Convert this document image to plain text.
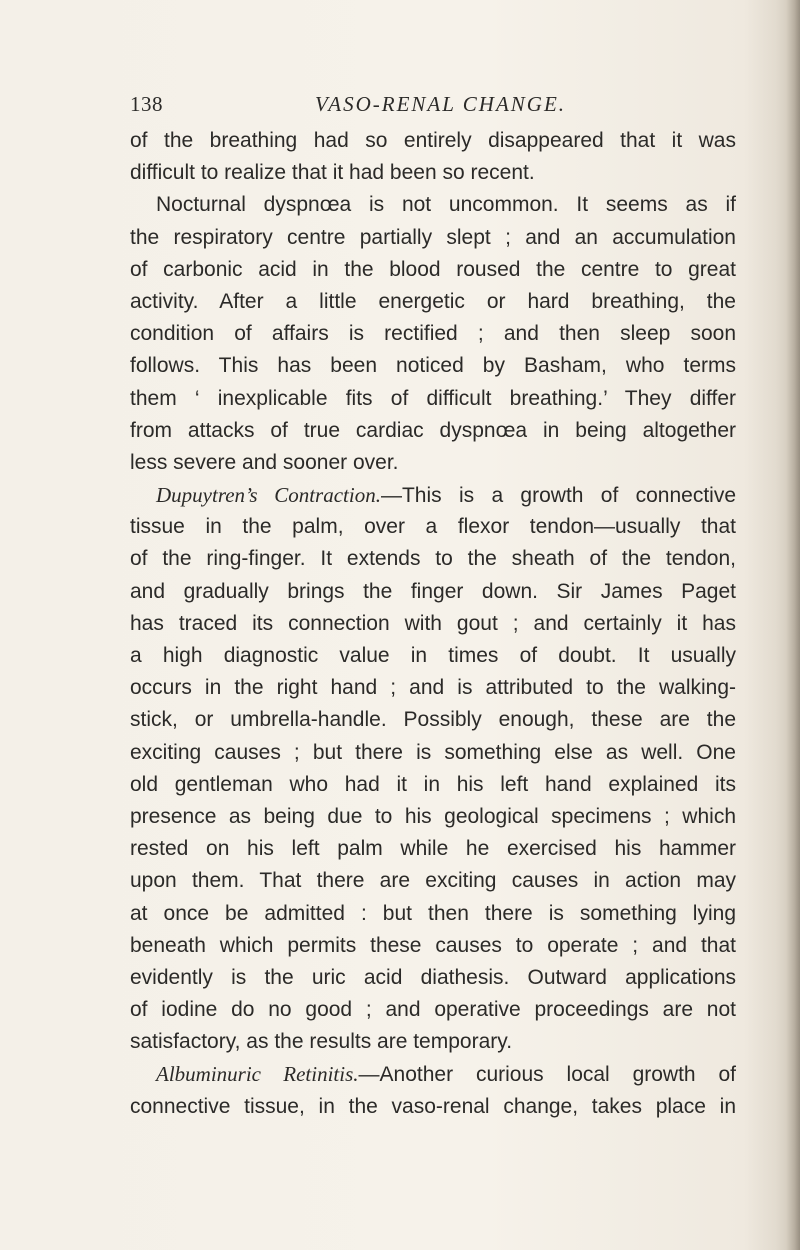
138	VASO-RENAL CHANGE.
of the breathing had so entirely disappeared that it was
difficult to realize that it had been so recent.
Nocturnal dyspnœa is not uncommon. It seems as if
the respiratory centre partially slept ; and an accumulation
of carbonic acid in the blood roused the centre to great
activity. After a little energetic or hard breathing, the
condition of affairs is rectified ; and then sleep soon
follows. This has been noticed by Basham, who terms
them ‘ inexplicable fits of difficult breathing.’ They differ
from attacks of true cardiac dyspnœa in being altogether
less severe and sooner over.
Dupuytren’s Contraction.—This is a growth of connective
tissue in the palm, over a flexor tendon—usually that
of the ring-finger. It extends to the sheath of the tendon,
and gradually brings the finger down. Sir James Paget
has traced its connection with gout ; and certainly it has
a high diagnostic value in times of doubt. It usually
occurs in the right hand ; and is attributed to the walking-
stick, or umbrella-handle. Possibly enough, these are the
exciting causes ; but there is something else as well. One
old gentleman who had it in his left hand explained its
presence as being due to his geological specimens ; which
rested on his left palm while he exercised his hammer
upon them. That there are exciting causes in action may
at once be admitted : but then there is something lying
beneath which permits these causes to operate ; and that
evidently is the uric acid diathesis. Outward applications
of iodine do no good ; and operative proceedings are not
satisfactory, as the results are temporary.
Albuminuric Retinitis.—Another curious local growth of
connective tissue, in the vaso-renal change, takes place in
